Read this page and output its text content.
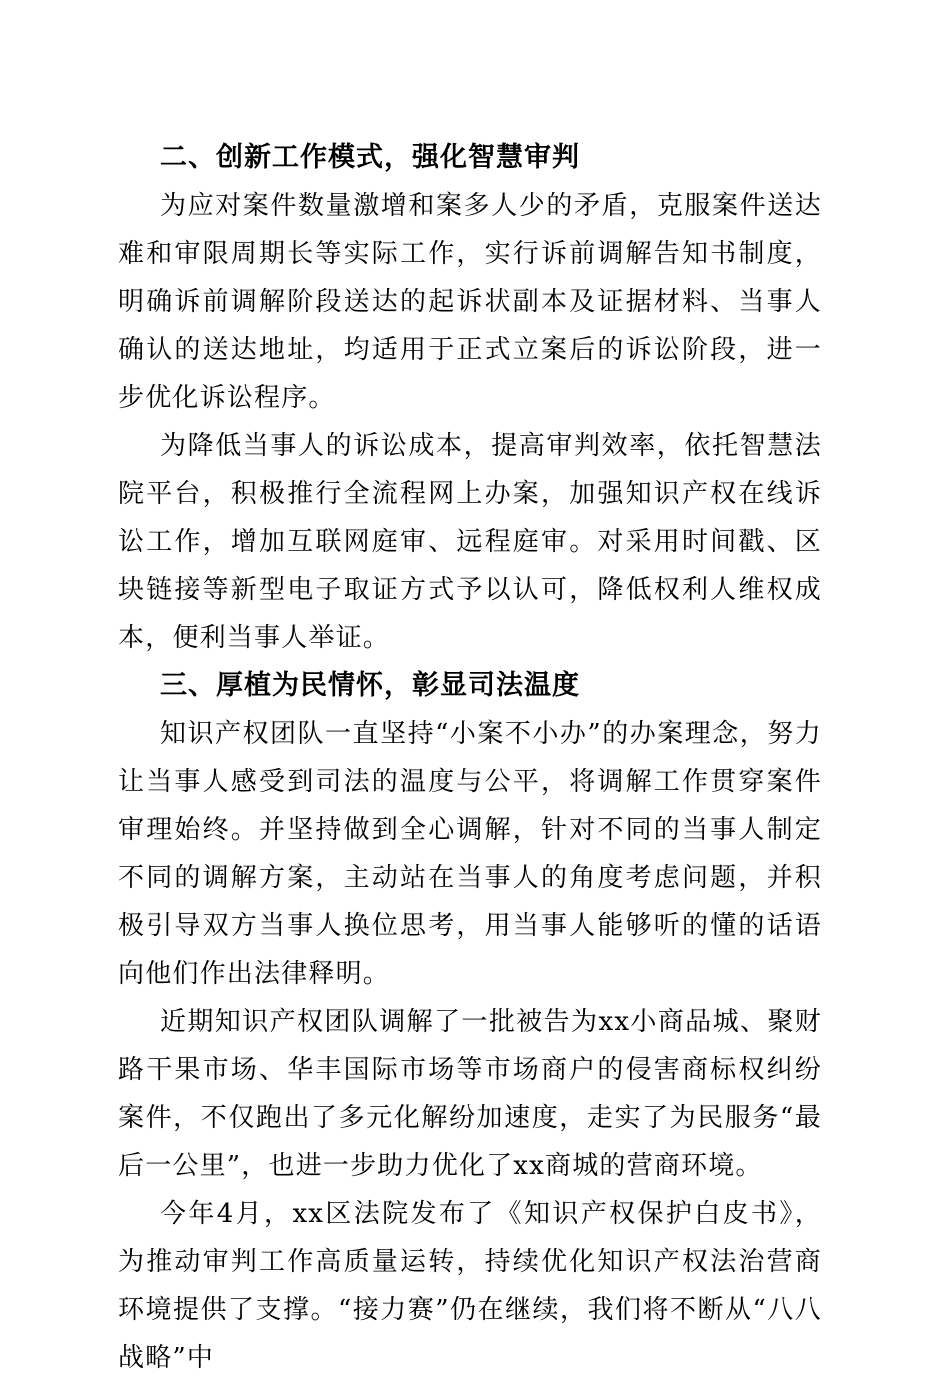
二、创新工作模式，强化智慧审判

为应对案件数量激增和案多人少的矛盾，克服案件送达难和审限周期长等实际工作，实行诉前调解告知书制度，明确诉前调解阶段送达的起诉状副本及证据材料、当事人确认的送达地址，均适用于正式立案后的诉讼阶段，进一步优化诉讼程序。

为降低当事人的诉讼成本，提高审判效率，依托智慧法院平台，积极推行全流程网上办案，加强知识产权在线诉讼工作，增加互联网庭审、远程庭审。对采用时间戳、区块链接等新型电子取证方式予以认可，降低权利人维权成本，便利当事人举证。

三、厚植为民情怀，彰显司法温度

知识产权团队一直坚持“小案不小办”的办案理念，努力让当事人感受到司法的温度与公平，将调解工作贯穿案件审理始终。并坚持做到全心调解，针对不同的当事人制定不同的调解方案，主动站在当事人的角度考虑问题，并积极引导双方当事人换位思考，用当事人能够听的懂的话语向他们作出法律释明。

近期知识产权团队调解了一批被告为xx小商品城、聚财路干果市场、华丰国际市场等市场商户的侵害商标权纠纷案件，不仅跑出了多元化解纷加速度，走实了为民服务“最后一公里”，也进一步助力优化了xx商城的营商环境。

今年4月，xx区法院发布了《知识产权保护白皮书》，为推动审判工作高质量运转，持续优化知识产权法治营商环境提供了支撑。“接力赛”仍在继续，我们将不断从“八八战略”中
